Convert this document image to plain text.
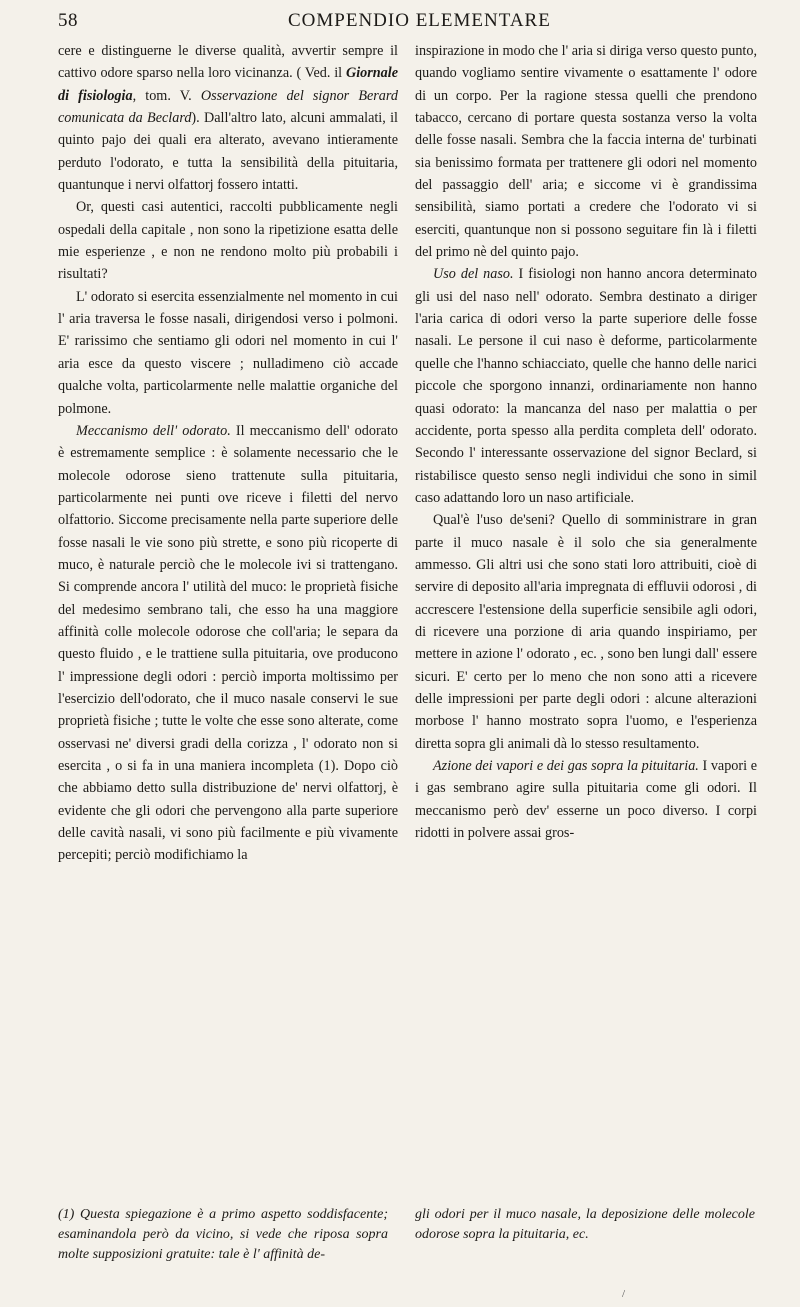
58	COMPENDIO ELEMENTARE

cere e distinguerne le diverse qualità, avvertir sempre il cattivo odore sparso nella loro vicinanza. ( Ved. il Giornale di fisiologia, tom. V. Osservazione del signor Berard comunicata da Beclard). Dall'altro lato, alcuni ammalati, il quinto pajo dei quali era alterato, avevano intieramente perduto l'odorato, e tutta la sensibilità della pituitaria, quantunque i nervi olfattorj fossero intatti.

Or, questi casi autentici, raccolti pubblicamente negli ospedali della capitale , non sono la ripetizione esatta delle mie esperienze , e non ne rendono molto più probabili i risultati?

L' odorato si esercita essenzialmente nel momento in cui l' aria traversa le fosse nasali, dirigendosi verso i polmoni. E' rarissimo che sentiamo gli odori nel momento in cui l' aria esce da questo viscere ; nulladimeno ciò accade qualche volta, particolarmente nelle malattie organiche del polmone.

Meccanismo dell' odorato. Il meccanismo dell' odorato è estremamente semplice : è solamente necessario che le molecole odorose sieno trattenute sulla pituitaria, particolarmente nei punti ove riceve i filetti del nervo olfattorio. Siccome precisamente nella parte superiore delle fosse nasali le vie sono più strette, e sono più ricoperte di muco, è naturale perciò che le molecole ivi si trattengano. Si comprende ancora l' utilità del muco: le proprietà fisiche del medesimo sembrano tali, che esso ha una maggiore affinità colle molecole odorose che coll'aria; le separa da questo fluido , e le trattiene sulla pituitaria, ove producono l' impressione degli odori : perciò importa moltissimo per l'esercizio dell'odorato, che il muco nasale conservi le sue proprietà fisiche ; tutte le volte che esse sono alterate, come osservasi ne' diversi gradi della corizza , l' odorato non si esercita , o si fa in una maniera incompleta (1). Dopo ciò che abbiamo detto sulla distribuzione de' nervi olfattorj, è evidente che gli odori che pervengono alla parte superiore delle cavità nasali, vi sono più facilmente e più vivamente percepiti; perciò modifichiamo la

inspirazione in modo che l' aria si diriga verso questo punto, quando vogliamo sentire vivamente o esattamente l' odore di un corpo. Per la ragione stessa quelli che prendono tabacco, cercano di portare questa sostanza verso la volta delle fosse nasali. Sembra che la faccia interna de' turbinati sia benissimo formata per trattenere gli odori nel momento del passaggio dell' aria; e siccome vi è grandissima sensibilità, siamo portati a credere che l'odorato vi si eserciti, quantunque non si possono seguitare fin là i filetti del primo nè del quinto pajo.

Uso del naso. I fisiologi non hanno ancora determinato gli usi del naso nell' odorato. Sembra destinato a diriger l'aria carica di odori verso la parte superiore delle fosse nasali. Le persone il cui naso è deforme, particolarmente quelle che l'hanno schiacciato, quelle che hanno delle narici piccole che sporgono innanzi, ordinariamente non hanno quasi odorato: la mancanza del naso per malattia o per accidente, porta spesso alla perdita completa dell' odorato. Secondo l' interessante osservazione del signor Beclard, si ristabilisce questo senso negli individui che sono in simil caso adattando loro un naso artificiale.

Qual'è l'uso de'seni? Quello di somministrare in gran parte il muco nasale è il solo che sia generalmente ammesso. Gli altri usi che sono stati loro attribuiti, cioè di servire di deposito all'aria impregnata di effluvii odorosi , di accrescere l'estensione della superficie sensibile agli odori, di ricevere una porzione di aria quando inspiriamo, per mettere in azione l' odorato , ec. , sono ben lungi dall' essere sicuri. E' certo per lo meno che non sono atti a ricevere delle impressioni per parte degli odori : alcune alterazioni morbose l' hanno mostrato sopra l'uomo, e l'esperienza diretta sopra gli animali dà lo stesso resultamento.

Azione dei vapori e dei gas sopra la pituitaria. I vapori e i gas sembrano agire sulla pituitaria come gli odori. Il meccanismo però dev' esserne un poco diverso. I corpi ridotti in polvere assai gros-

(1) Questa spiegazione è a primo aspetto soddisfacente; esaminandola però da vicino, si vede che riposa sopra molte supposizioni gratuite: tale è l' affinità de-
gli odori per il muco nasale, la deposizione delle molecole odorose sopra la pituitaria, ec.
/
